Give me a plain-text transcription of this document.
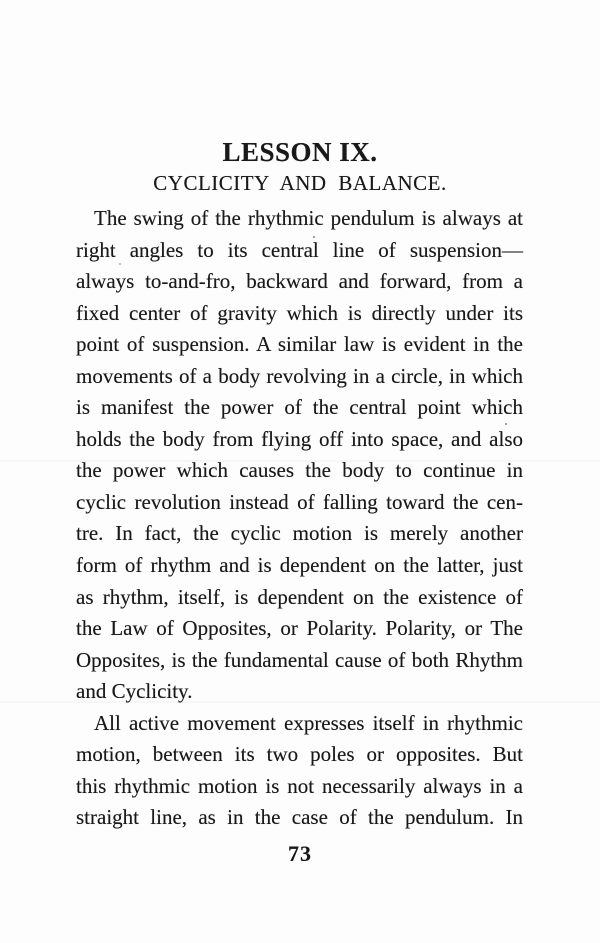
LESSON IX.
CYCLICITY AND BALANCE.
The swing of the rhythmic pendulum is always at
right angles to its central line of suspension—
always to-and-fro, backward and forward, from a
fixed center of gravity which is directly under its
point of suspension. A similar law is evident in the
movements of a body revolving in a circle, in which
is manifest the power of the central point which
holds the body from flying off into space, and also
the power which causes the body to continue in
cyclic revolution instead of falling toward the cen-
tre. In fact, the cyclic motion is merely another
form of rhythm and is dependent on the latter, just
as rhythm, itself, is dependent on the existence of
the Law of Opposites, or Polarity. Polarity, or The
Opposites, is the fundamental cause of both Rhythm
and Cyclicity.
All active movement expresses itself in rhythmic
motion, between its two poles or opposites. But
this rhythmic motion is not necessarily always in a
straight line, as in the case of the pendulum. In
73
